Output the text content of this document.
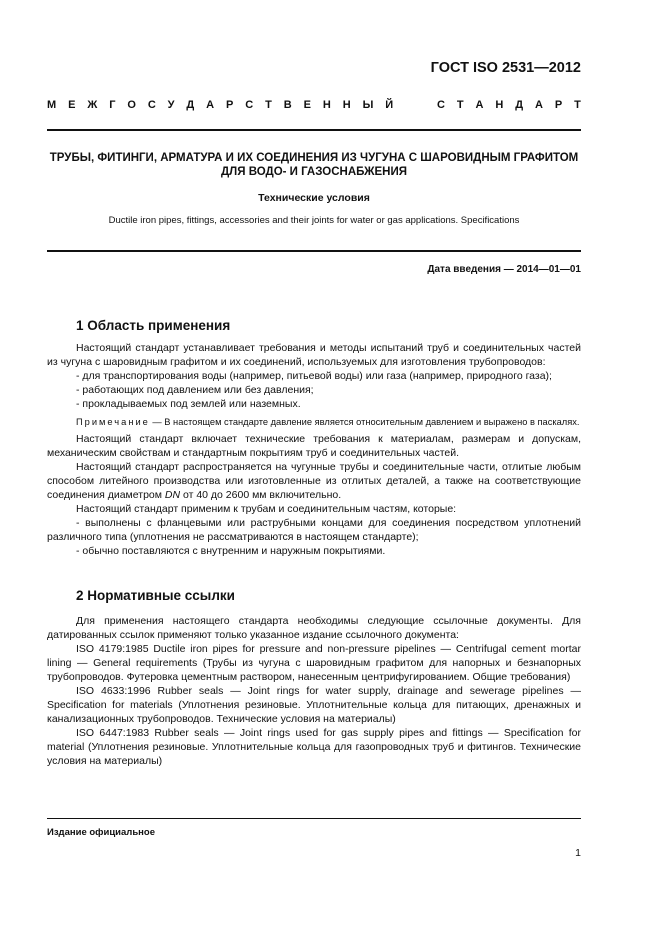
ГОСТ ISO 2531—2012
М Е Ж Г О С У Д А Р С Т В Е Н Н Ы Й	С Т А Н Д А Р Т
ТРУБЫ, ФИТИНГИ, АРМАТУРА И ИХ СОЕДИНЕНИЯ ИЗ ЧУГУНА С ШАРОВИДНЫМ ГРАФИТОМ ДЛЯ ВОДО- И ГАЗОСНАБЖЕНИЯ
Технические условия
Ductile iron pipes, fittings, accessories and their joints for water or gas applications. Specifications
Дата введения — 2014—01—01
1 Область применения

Настоящий стандарт устанавливает требования и методы испытаний труб и соединительных частей из чугуна с шаровидным графитом и их соединений, используемых для изготовления трубопроводов:

- для транспортирования воды (например, питьевой воды) или газа (например, природного газа);

- работающих под давлением или без давления;

- прокладываемых под землей или наземных.

Примечание — В настоящем стандарте давление является относительным давлением и выражено в паскалях.

Настоящий стандарт включает технические требования к материалам, размерам и допускам, механическим свойствам и стандартным покрытиям труб и соединительных частей.

Настоящий стандарт распространяется на чугунные трубы и соединительные части, отлитые любым способом литейного производства или изготовленные из отлитых деталей, а также на соответствующие соединения диаметром DN от 40 до 2600 мм включительно.

Настоящий стандарт применим к трубам и соединительным частям, которые:

- выполнены с фланцевыми или раструбными концами для соединения посредством уплотнений различного типа (уплотнения не рассматриваются в настоящем стандарте);

- обычно поставляются с внутренним и наружным покрытиями.

2 Нормативные ссылки

Для применения настоящего стандарта необходимы следующие ссылочные документы. Для датированных ссылок применяют только указанное издание ссылочного документа:

ISO 4179:1985 Ductile iron pipes for pressure and non-pressure pipelines — Centrifugal cement mortar lining — General requirements (Трубы из чугуна с шаровидным графитом для напорных и безнапорных трубопроводов. Футеровка цементным раствором, нанесенным центрифугированием. Общие требования)

ISO 4633:1996 Rubber seals — Joint rings for water supply, drainage and sewerage pipelines — Specification for materials (Уплотнения резиновые. Уплотнительные кольца для питающих, дренажных и канализационных трубопроводов. Технические условия на материалы)

ISO 6447:1983 Rubber seals — Joint rings used for gas supply pipes and fittings — Specification for material (Уплотнения резиновые. Уплотнительные кольца для газопроводных труб и фитингов. Технические условия на материалы)

Издание официальное
1
